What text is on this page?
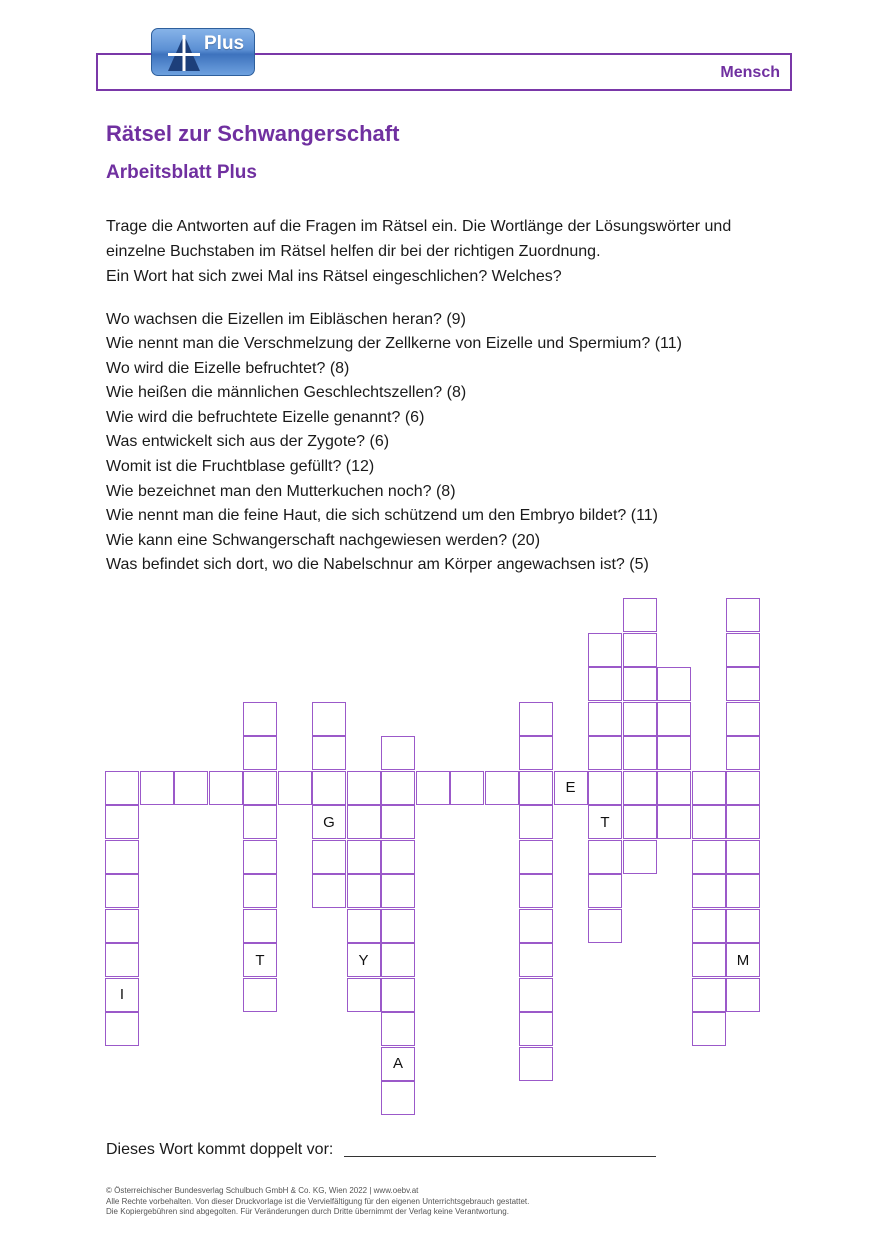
Mensch
Plus
Rätsel zur Schwangerschaft
Arbeitsblatt Plus
Trage die Antworten auf die Fragen im Rätsel ein. Die Wortlänge der Lösungswörter und
einzelne Buchstaben im Rätsel helfen dir bei der richtigen Zuordnung.
Ein Wort hat sich zwei Mal ins Rätsel eingeschlichen? Welches?
Wo wachsen die Eizellen im Eibläschen heran? (9)
Wie nennt man die Verschmelzung der Zellkerne von Eizelle und Spermium? (11)
Wo wird die Eizelle befruchtet? (8)
Wie heißen die männlichen Geschlechtszellen? (8)
Wie wird die befruchtete Eizelle genannt? (6)
Was entwickelt sich aus der Zygote? (6)
Womit ist die Fruchtblase gefüllt? (12)
Wie bezeichnet man den Mutterkuchen noch? (8)
Wie nennt man die feine Haut, die sich schützend um den Embryo bildet? (11)
Wie kann eine Schwangerschaft nachgewiesen werden? (20)
Was befindet sich dort, wo die Nabelschnur am Körper angewachsen ist? (5)
I
T
G
Y
A
E
T
M
Dieses Wort kommt doppelt vor:
© Österreichischer Bundesverlag Schulbuch GmbH & Co. KG, Wien 2022 | www.oebv.at
Alle Rechte vorbehalten. Von dieser Druckvorlage ist die Vervielfältigung für den eigenen Unterrichtsgebrauch gestattet.
Die Kopiergebühren sind abgegolten. Für Veränderungen durch Dritte übernimmt der Verlag keine Verantwortung.
